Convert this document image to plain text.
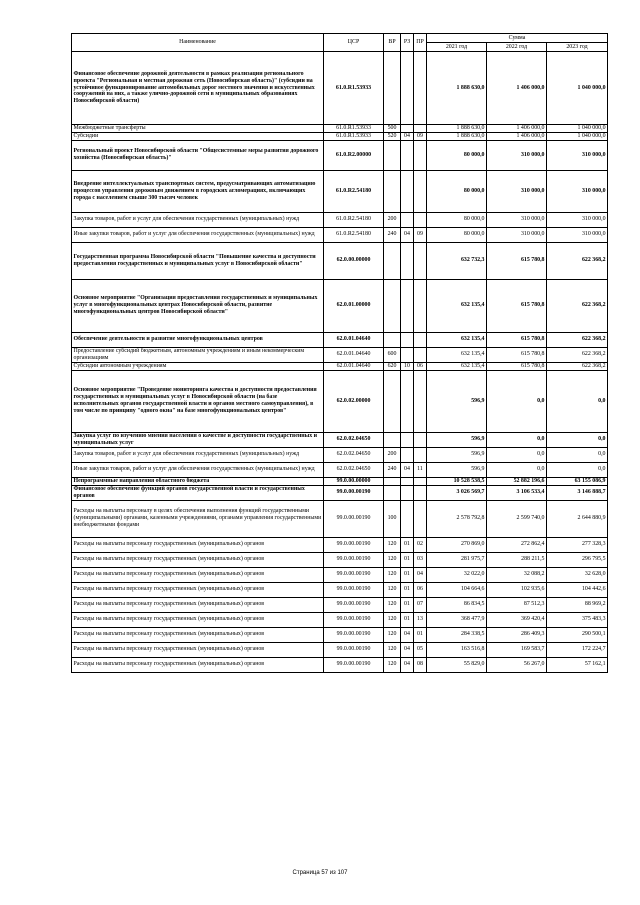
Наименование	ЦСР	ВР	РЗ	ПР	Сумма		
					2021 год	2022 год	2023 год
Финансовое обеспечение дорожной деятельности в рамках реализации регионального проекта "Региональная и местная дорожная сеть (Новосибирская область)" (субсидии на устойчивое функционирование автомобильных дорог местного значения и искусственных сооружений на них, а также улично-дорожной сети в муниципальных образованиях Новосибирской области)	61.0.R1.53933				1 888 630,0	1 406 000,0	1 040 000,0
Межбюджетные трансферты	61.0.R1.53933	500			1 888 630,0	1 406 000,0	1 040 000,0
Субсидии	61.0.R1.53933	520	04	09	1 888 630,0	1 406 000,0	1 040 000,0
Региональный проект Новосибирской области "Общесистемные меры развития дорожного хозяйства (Новосибирская область)"	61.0.R2.00000				80 000,0	310 000,0	310 000,0
Внедрение интеллектуальных транспортных систем, предусматривающих автоматизацию процессов управления дорожным движением в городских агломерациях, включающих города с населением свыше 300 тысяч человек	61.0.R2.54180				80 000,0	310 000,0	310 000,0
Закупка товаров, работ и услуг для обеспечения государственных (муниципальных) нужд	61.0.R2.54180	200			80 000,0	310 000,0	310 000,0
Иные закупки товаров, работ и услуг для обеспечения государственных (муниципальных) нужд	61.0.R2.54180	240	04	09	80 000,0	310 000,0	310 000,0
Государственная программа Новосибирской области "Повышение качества и доступности предоставления государственных и муниципальных услуг в Новосибирской области"	62.0.00.00000				632 732,3	615 780,8	622 368,2
Основное мероприятие "Организация предоставления государственных и муниципальных услуг в многофункциональных центрах Новосибирской области, развитие многофункциональных центров Новосибирской области"	62.0.01.00000				632 135,4	615 780,8	622 368,2
Обеспечение деятельности и развитие многофункциональных центров	62.0.01.04640				632 135,4	615 780,8	622 368,2
Предоставление субсидий бюджетным, автономным учреждениям и иным некоммерческим организациям	62.0.01.04640	600			632 135,4	615 780,8	622 368,2
Субсидии автономным учреждениям	62.0.01.04640	620	10	06	632 135,4	615 780,8	622 368,2
Основное мероприятие "Проведение мониторинга качества и доступности предоставления государственных и муниципальных услуг в Новосибирской области (на базе исполнительных органов государственной власти и органов местного самоуправления), в том числе по принципу "одного окна" на базе многофункциональных центров"	62.0.02.00000				596,9	0,0	0,0
Закупка услуг по изучению мнения населения о качестве и доступности государственных и муниципальных услуг	62.0.02.04650				596,9	0,0	0,0
Закупка товаров, работ и услуг для обеспечения государственных (муниципальных) нужд	62.0.02.04650	200			596,9	0,0	0,0
Иные закупки товаров, работ и услуг для обеспечения государственных (муниципальных) нужд	62.0.02.04650	240	04	11	596,9	0,0	0,0
Непрограммные направления областного бюджета	99.0.00.00000				10 528 538,5	52 882 196,6	63 155 086,9
Финансовое обеспечение функций органов государственной власти и государственных органов	99.0.00.00190				3 026 569,7	3 106 533,4	3 146 888,7
Расходы на выплаты персоналу в целях обеспечения выполнения функций государственными (муниципальными) органами, казенными учреждениями, органами управления государственными внебюджетными фондами	99.0.00.00190	100			2 578 792,8	2 599 740,0	2 644 880,9
Расходы на выплаты персоналу государственных (муниципальных) органов	99.0.00.00190	120	01	02	270 869,0	272 862,4	277 328,3
Расходы на выплаты персоналу государственных (муниципальных) органов	99.0.00.00190	120	01	03	281 975,7	288 211,5	296 795,5
Расходы на выплаты персоналу государственных (муниципальных) органов	99.0.00.00190	120	01	04	32 022,0	32 088,2	32 628,0
Расходы на выплаты персоналу государственных (муниципальных) органов	99.0.00.00190	120	01	06	104 664,6	102 935,6	104 442,6
Расходы на выплаты персоналу государственных (муниципальных) органов	99.0.00.00190	120	01	07	86 834,5	87 512,3	88 969,2
Расходы на выплаты персоналу государственных (муниципальных) органов	99.0.00.00190	120	01	13	368 477,9	369 420,4	375 483,3
Расходы на выплаты персоналу государственных (муниципальных) органов	99.0.00.00190	120	04	01	284 338,5	286 409,3	290 500,1
Расходы на выплаты персоналу государственных (муниципальных) органов	99.0.00.00190	120	04	05	163 516,8	169 583,7	172 224,7
Расходы на выплаты персоналу государственных (муниципальных) органов	99.0.00.00190	120	04	08	55 829,0	56 267,0	57 162,1
Страница 57 из 107
